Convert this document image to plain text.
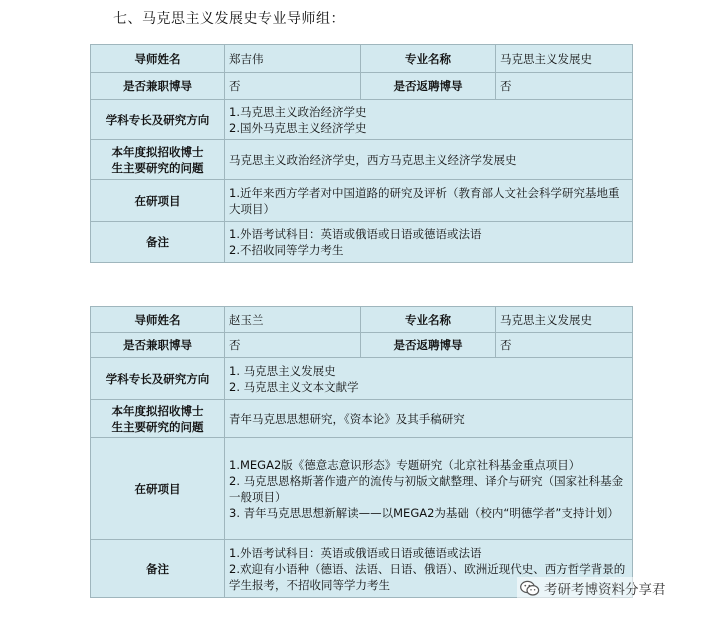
七、马克思主义发展史专业导师组：
导师姓名	郑吉伟	专业名称	马克思主义发展史
是否兼职博导	否	是否返聘博导	否
学科专长及研究方向	1.马克思主义政治经济学史
2.国外马克思主义经济学史		

本年度拟招收博士
生主要研究的问题	马克思主义政治经济学史，西方马克思主义经济学发展史		
在研项目	1.近年来西方学者对中国道路的研究及评析（教育部人文社会科学研究基地重大项目）		

备注	1.外语考试科目：英语或俄语或日语或德语或法语
2.不招收同等学力考生		
导师姓名	赵玉兰	专业名称	马克思主义发展史
是否兼职博导	否	是否返聘博导	否
学科专长及研究方向	1. 马克思主义发展史
2. 马克思主义文本文献学		

本年度拟招收博士
生主要研究的问题	青年马克思思想研究，《资本论》及其手稿研究		
在研项目	1.MEGA2版《德意志意识形态》专题研究（北京社科基金重点项目）
2. 马克思恩格斯著作遗产的流传与初版文献整理、译介与研究（国家社科基金一般项目）
3. 青年马克思思想新解读——以MEGA2为基础（校内“明德学者”支持计划）		

备注	1.外语考试科目：英语或俄语或日语或德语或法语
2.欢迎有小语种（德语、法语、日语、俄语）、欧洲近现代史、西方哲学背景的学生报考，不招收同等学力考生			考研考博资料分享君
